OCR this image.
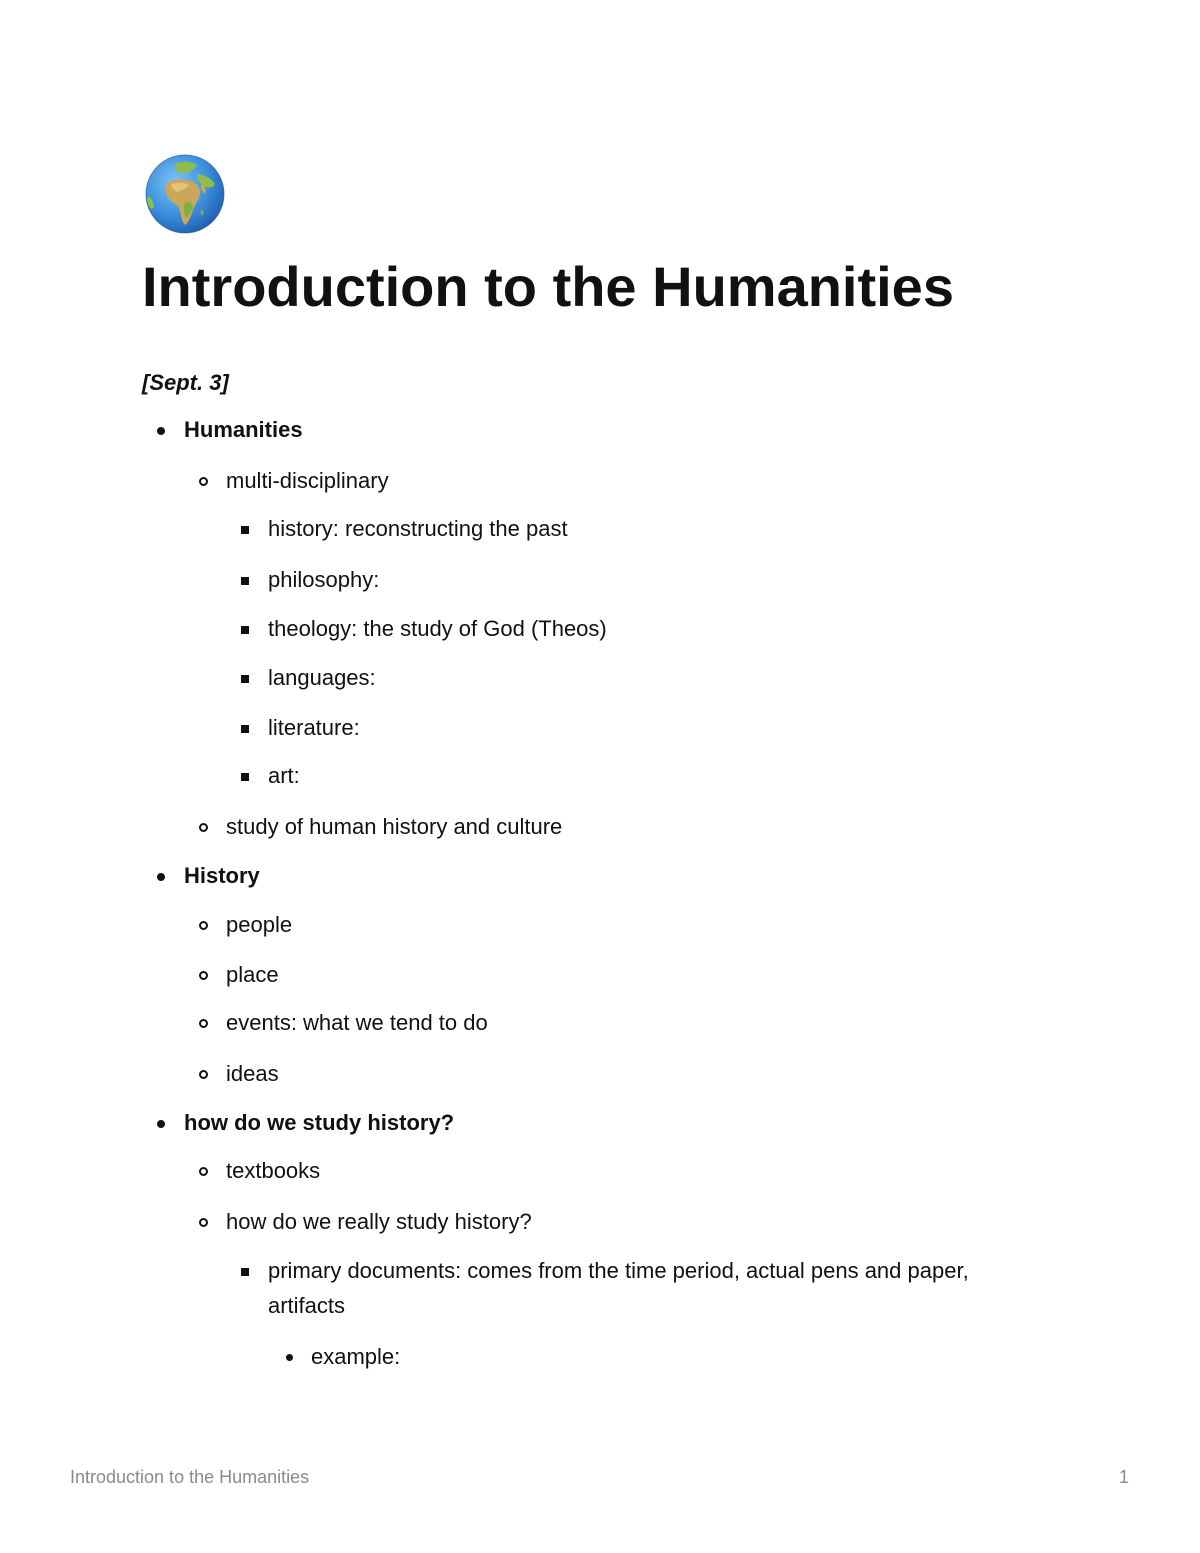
Introduction to the Humanities
[Sept. 3]
Humanities
multi-disciplinary
history: reconstructing the past
philosophy:
theology: the study of God (Theos)
languages:
literature:
art:
study of human history and culture
History
people
place
events: what we tend to do
ideas
how do we study history?
textbooks
how do we really study history?
primary documents: comes from the time period, actual pens and paper, artifacts
example:
Introduction to the Humanities	1
